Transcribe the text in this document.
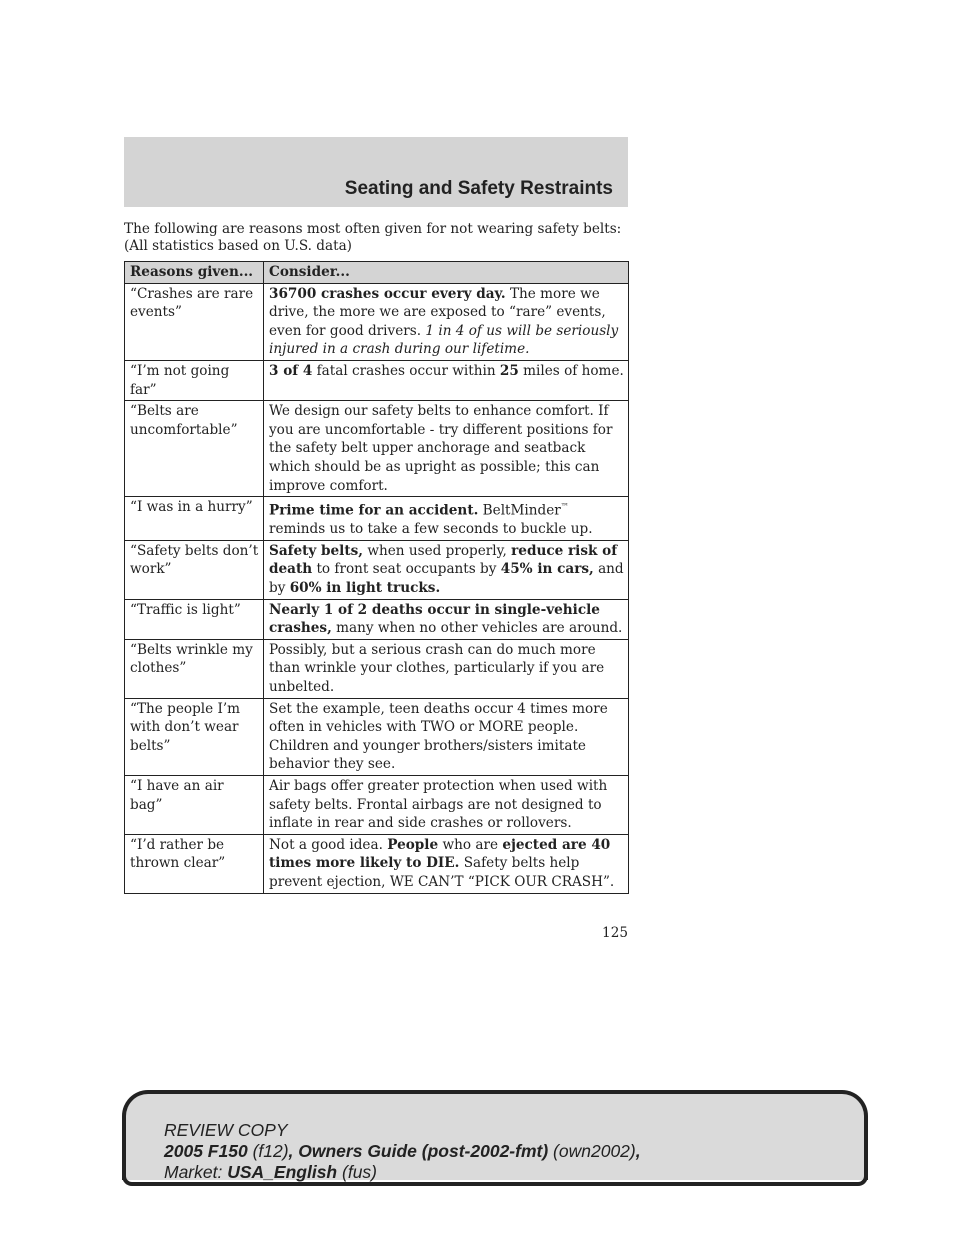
Seating and Safety Restraints
The following are reasons most often given for not wearing safety belts:
(All statistics based on U.S. data)
Reasons given...	Consider...
“Crashes are rare events”	36700 crashes occur every day. The more we drive, the more we are exposed to “rare” events, even for good drivers. 1 in 4 of us will be seriously injured in a crash during our lifetime.
“I’m not going far”	3 of 4 fatal crashes occur within 25 miles of home.
“Belts are uncomfortable”	We design our safety belts to enhance comfort. If you are uncomfortable - try different positions for the safety belt upper anchorage and seatback which should be as upright as possible; this can improve comfort.
“I was in a hurry”	Prime time for an accident. BeltMinder™ reminds us to take a few seconds to buckle up.
“Safety belts don’t work”	Safety belts, when used properly, reduce risk of death to front seat occupants by 45% in cars, and by 60% in light trucks.
“Traffic is light”	Nearly 1 of 2 deaths occur in single-vehicle crashes, many when no other vehicles are around.
“Belts wrinkle my clothes”	Possibly, but a serious crash can do much more than wrinkle your clothes, particularly if you are unbelted.
“The people I’m with don’t wear belts”	Set the example, teen deaths occur 4 times more often in vehicles with TWO or MORE people. Children and younger brothers/sisters imitate behavior they see.
“I have an air bag”	Air bags offer greater protection when used with safety belts. Frontal airbags are not designed to inflate in rear and side crashes or rollovers.
“I’d rather be thrown clear”	Not a good idea. People who are ejected are 40 times more likely to DIE. Safety belts help prevent ejection, WE CAN’T “PICK OUR CRASH”.
125
REVIEW COPY
2005 F150 (f12), Owners Guide (post-2002-fmt) (own2002),
Market: USA_English (fus)
